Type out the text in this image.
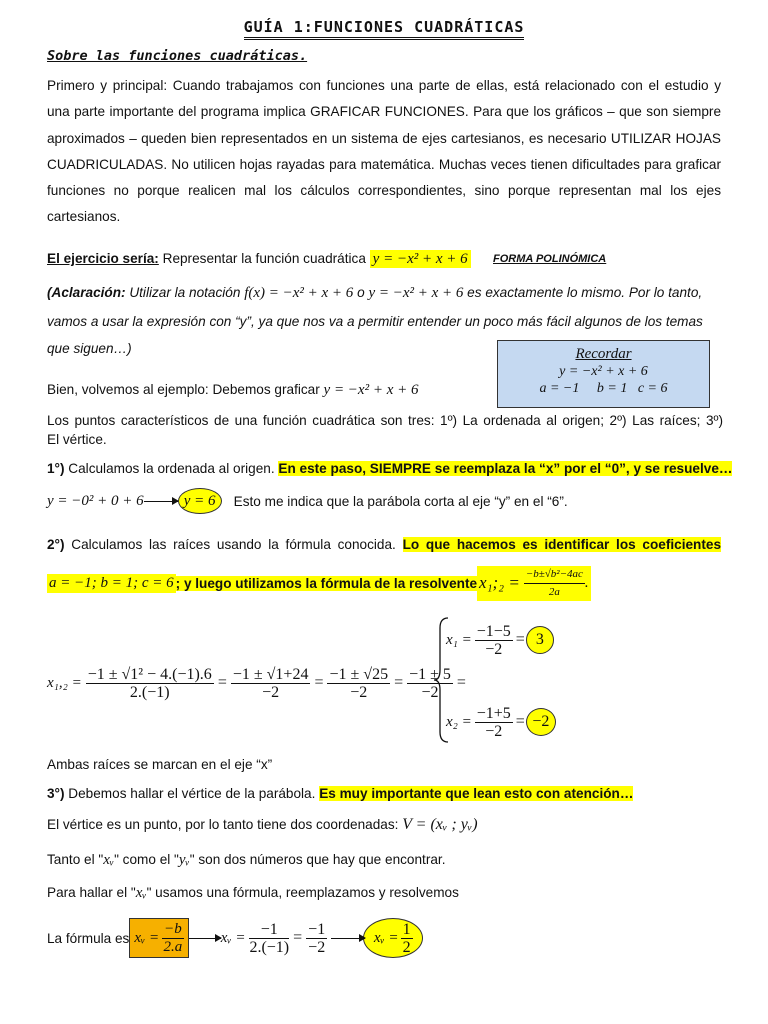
GUÍA 1:FUNCIONES CUADRÁTICAS
Sobre las funciones cuadráticas.
Primero y principal: Cuando trabajamos con funciones una parte de ellas, está relacionado con el estudio y
una parte importante del programa implica GRAFICAR FUNCIONES. Para que los gráficos – que son siempre
aproximados – queden bien representados en un sistema de ejes cartesianos, es necesario UTILIZAR HOJAS
CUADRICULADAS. No utilicen hojas rayadas para matemática. Muchas veces tienen dificultades para graficar
funciones no porque realicen mal los cálculos correspondientes, sino porque representan mal los ejes
cartesianos.
El ejercicio sería: Representar la función cuadrática y = −x² + x + 6 FORMA POLINÓMICA
(Aclaración: Utilizar la notación f(x) = −x² + x + 6 o y = −x² + x + 6 es exactamente lo mismo. Por lo tanto,
vamos a usar la expresión con “y”, ya que nos va a permitir entender un poco más fácil algunos de los temas
que siguen…)	Recordar
y = −x² + x + 6
a = −1 b = 1 c = 6
Bien, volvemos al ejemplo: Debemos graficar y = −x² + x + 6
Los puntos característicos de una función cuadrática son tres: 1º) La ordenada al origen; 2º) Las raíces; 3º)
El vértice.
1°) Calculamos la ordenada al origen. En este paso, SIEMPRE se reemplaza la “x” por el “0”, y se resuelve…
y = −0² + 0 + 6	y = 6	Esto me indica que la parábola corta al eje “y” en el “6”.
2°) Calculamos las raíces usando la fórmula conocida. Lo que hacemos es identificar los coeficientes
a = −1; b = 1; c = 6 ; y luego utilizamos la fórmula de la resolvente x₁;₂ = $\frac{\text{−b±√b²−4ac}}{2a}$ .
$x_1,_2 = \frac{\text{−1 ± √1² − 4.(−1).6}}{2.(-1)} = \frac{-1 \pm √1+24}{-2} = \frac{-1 \pm √25}{-2} = \frac{-1 \pm 5}{-2}$ =
$x_1 = \frac{-1-5}{-2} = 3$
$x_2 = \frac{-1+5}{-2} = -2$
Ambas raíces se marcan en el eje “x”
3°) Debemos hallar el vértice de la parábola. Es muy importante que lean esto con atención…
El vértice es un punto, por lo tanto tiene dos coordenadas: V = (xᵥ ; yᵥ)
Tanto el "xᵥ" como el "yᵥ" son dos números que hay que encontrar.
Para hallar el "xᵥ" usamos una fórmula, reemplazamos y resolvemos
La fórmula es xᵥ = $\frac{-b}{2.a}$ xᵥ = $\frac{-1}{2.(-1)} = \frac{-1}{-2}$	xᵥ = $\frac{1}{2}$
